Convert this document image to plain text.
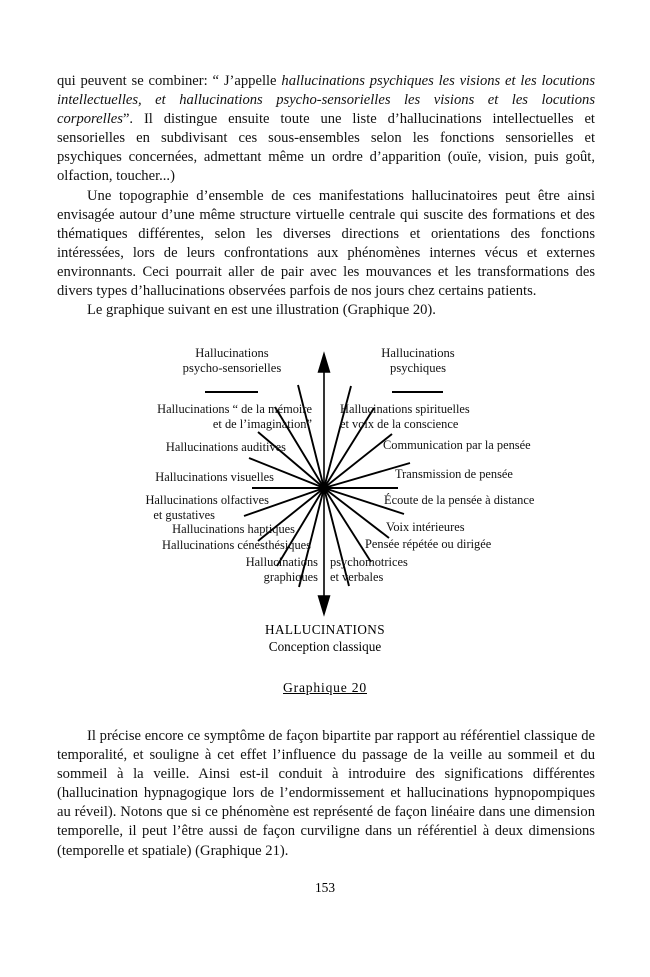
qui peuvent se combiner: “ J’appelle hallucinations psychiques les visions et les locutions intellectuelles, et hallucinations psycho-sensorielles les visions et les locutions corporelles”. Il distingue ensuite toute une liste d’hallucinations intellectuelles et sensorielles en subdivisant ces sous-ensembles selon les fonctions sensorielles et psychiques concernées, admettant même un ordre d’apparition (ouïe, vision, puis goût, olfaction, toucher...)

Une topographie d’ensemble de ces manifestations hallucinatoires peut être ainsi envisagée autour d’une même structure virtuelle centrale qui suscite des formations et des thématiques différentes, selon les diverses directions et orientations des fonctions intéressées, lors de leurs confrontations aux phénomènes internes vécus et externes environnants. Ceci pourrait aller de pair avec les mouvances et les transformations des divers types d’hallucinations observées parfois de nos jours chez certains patients.

Le graphique suivant en est une illustration (Graphique 20).

Hallucinations
psycho-sensorielles
Hallucinations
psychiques
Hallucinations “ de la mémoire
et de l’imagination”
Hallucinations auditives
Hallucinations visuelles
Hallucinations olfactives
et gustatives
Hallucinations haptiques
Hallucinations cénesthésiques
Hallucinations spirituelles
et voix de la conscience
Communication par la pensée
Transmission de pensée
Écoute de la pensée à distance
Voix intérieures
Pensée répétée ou dirigée
Hallucinations
graphiques
psychomotrices
et verbales
HALLUCINATIONS
Conception classique
Graphique 20

Il précise encore ce symptôme de façon bipartite par rapport au référentiel classique de temporalité, et souligne à cet effet l’influence du passage de la veille au sommeil et du sommeil à la veille. Ainsi est-il conduit à introduire des significations différentes (hallucination hypnagogique lors de l’endormissement et hallucinations hypnopompiques au réveil). Notons que si ce phénomène est représenté de façon linéaire dans une dimension temporelle, il peut l’être aussi de façon curviligne dans un référentiel à deux dimensions (temporelle et spatiale) (Graphique 21).

153
